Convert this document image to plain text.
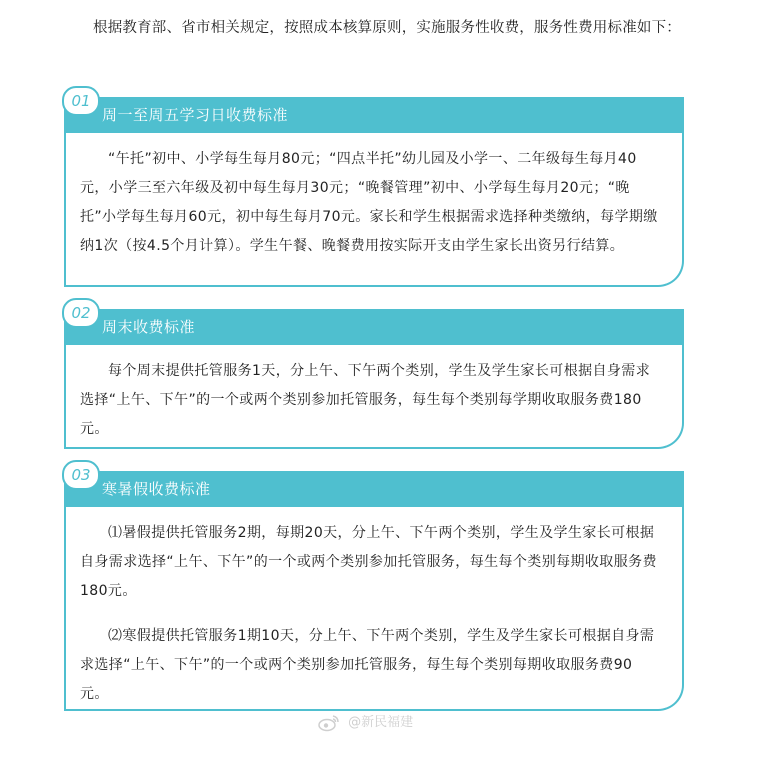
根据教育部、省市相关规定，按照成本核算原则，实施服务性收费，服务性费用标准如下：
周一至周五学习日收费标准
01

“午托”初中、小学每生每月80元；“四点半托”幼儿园及小学一、二年级每生每月40元，小学三至六年级及初中每生每月30元；“晚餐管理”初中、小学每生每月20元；“晚托”小学每生每月60元，初中每生每月70元。家长和学生根据需求选择种类缴纳，每学期缴纳1次（按4.5个月计算）。学生午餐、晚餐费用按实际开支由学生家长出资另行结算。

周末收费标准
02

每个周末提供托管服务1天，分上午、下午两个类别，学生及学生家长可根据自身需求选择“上午、下午”的一个或两个类别参加托管服务，每生每个类别每学期收取服务费180元。

寒暑假收费标准
03

⑴暑假提供托管服务2期，每期20天，分上午、下午两个类别，学生及学生家长可根据自身需求选择“上午、下午”的一个或两个类别参加托管服务，每生每个类别每期收取服务费180元。

⑵寒假提供托管服务1期10天，分上午、下午两个类别，学生及学生家长可根据自身需求选择“上午、下午”的一个或两个类别参加托管服务，每生每个类别每期收取服务费90元。

@新民福建
